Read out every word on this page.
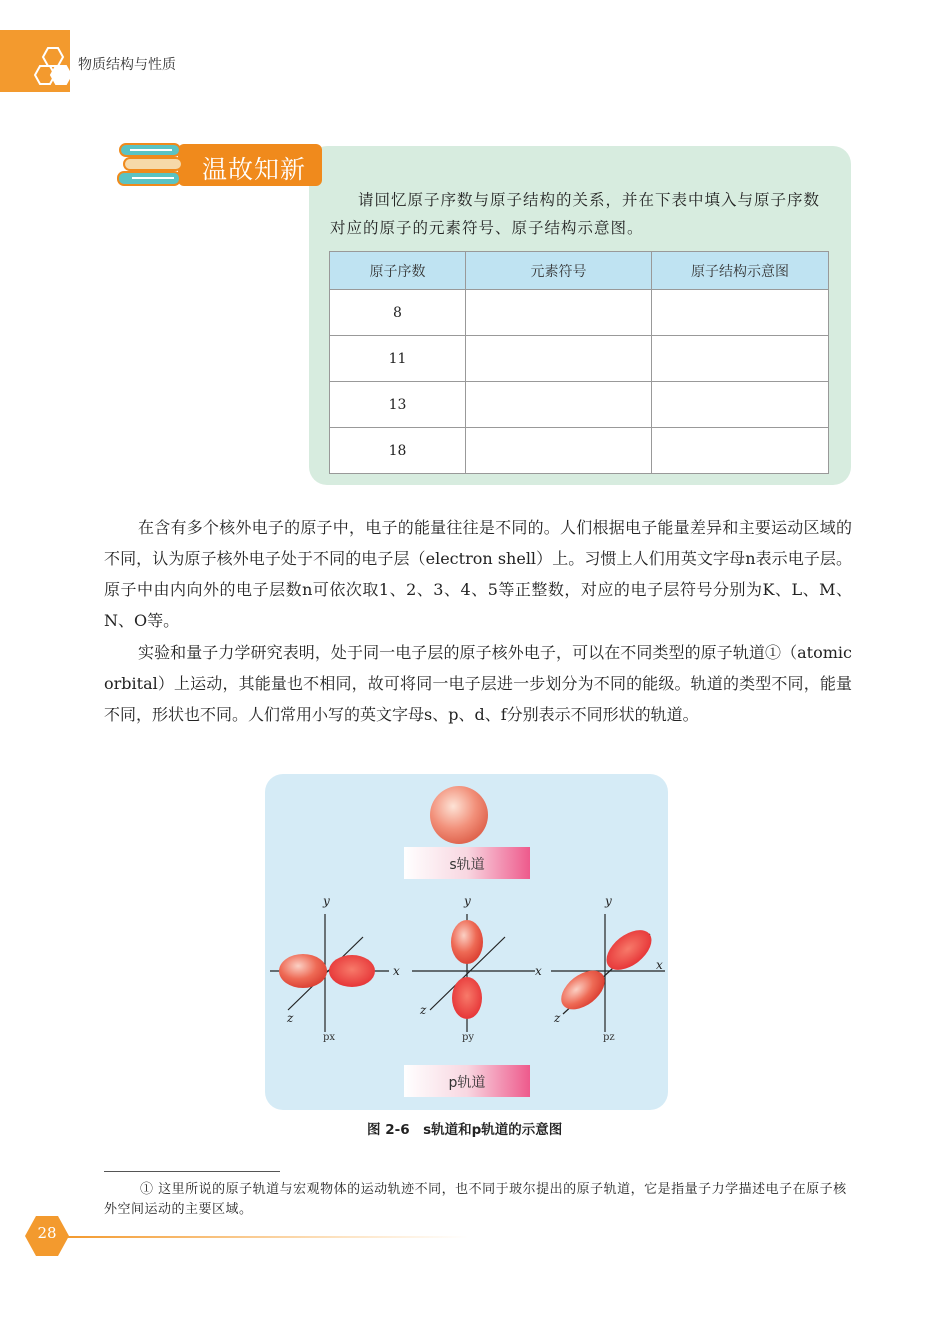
物质结构与性质
温故知新
请回忆原子序数与原子结构的关系，并在下表中填入与原子序数对应的原子的元素符号、原子结构示意图。
原子序数	元素符号	原子结构示意图
8		
11		
13		
18		
在含有多个核外电子的原子中，电子的能量往往是不同的。人们根据电子能量差异和主要运动区域的不同，认为原子核外电子处于不同的电子层（electron shell）上。习惯上人们用英文字母n表示电子层。原子中由内向外的电子层数n可依次取1、2、3、4、5等正整数，对应的电子层符号分别为K、L、M、N、O等。
实验和量子力学研究表明，处于同一电子层的原子核外电子，可以在不同类型的原子轨道①（atomic orbital）上运动，其能量也不相同，故可将同一电子层进一步划分为不同的能级。轨道的类型不同，能量不同，形状也不同。人们常用小写的英文字母s、p、d、f分别表示不同形状的轨道。
x
y
z
x
y
z
x
y
z
px	py	pz
s轨道
p轨道
图 2-6　s轨道和p轨道的示意图
① 这里所说的原子轨道与宏观物体的运动轨迹不同，也不同于玻尔提出的原子轨道，它是指量子力学描述电子在原子核外空间运动的主要区域。
28
